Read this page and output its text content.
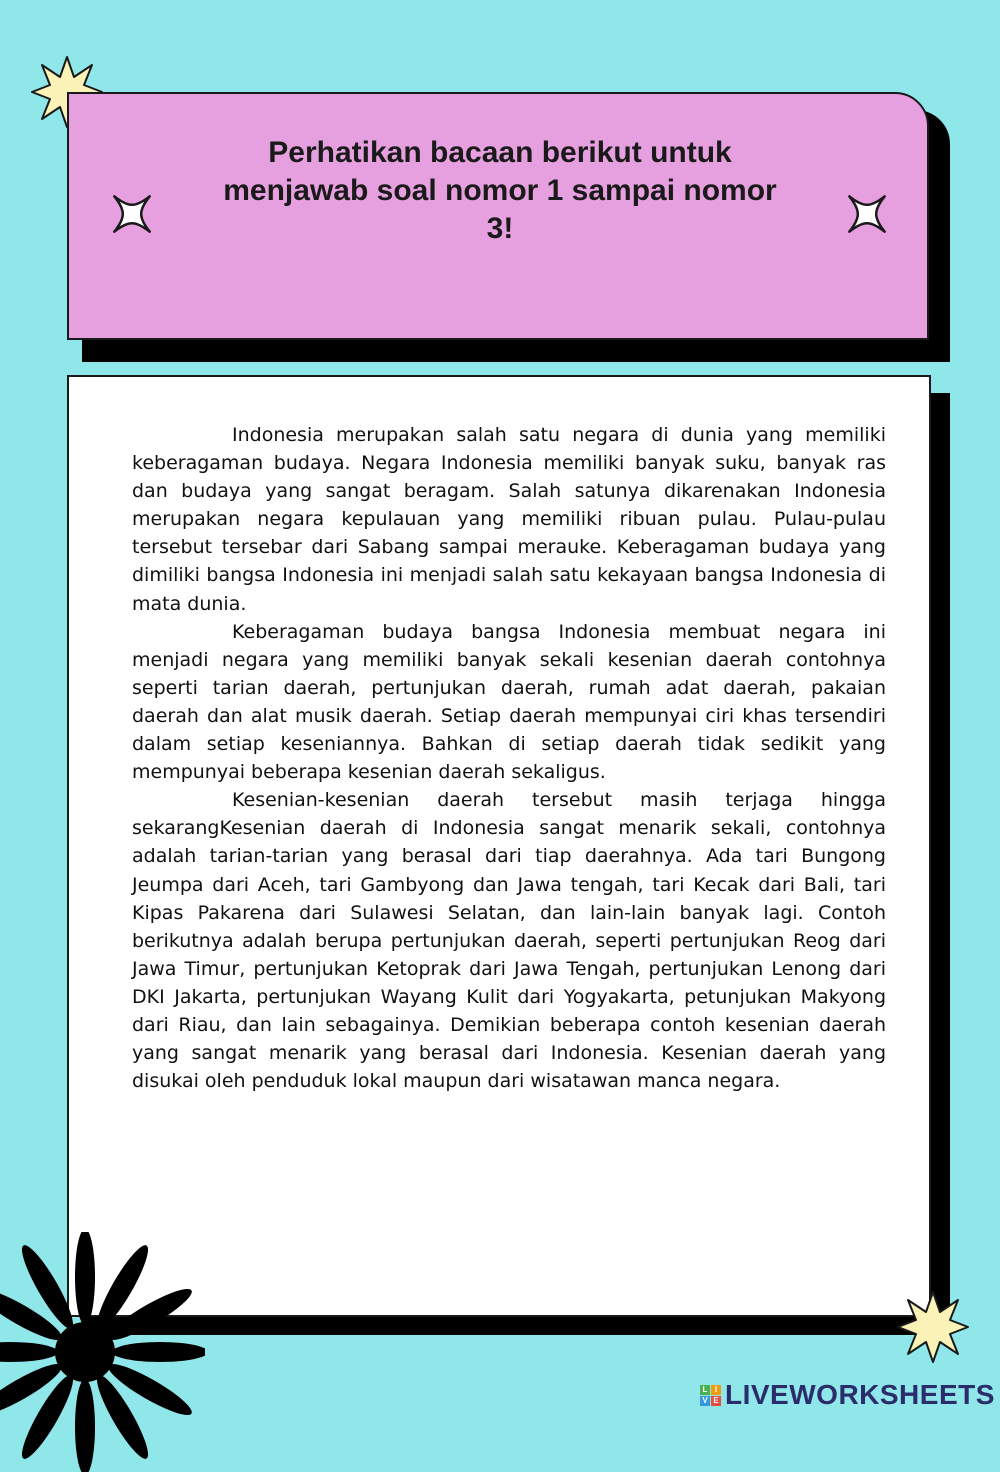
Perhatikan bacaan berikut untuk
menjawab soal nomor 1 sampai nomor
3!

Indonesia merupakan salah satu negara di dunia yang memiliki keberagaman budaya. Negara Indonesia memiliki banyak suku, banyak ras dan budaya yang sangat beragam. Salah satunya dikarenakan Indonesia merupakan negara kepulauan yang memiliki ribuan pulau. Pulau-pulau tersebut tersebar dari Sabang sampai merauke. Keberagaman budaya yang dimiliki bangsa Indonesia ini menjadi salah satu kekayaan bangsa Indonesia di mata dunia.

Keberagaman budaya bangsa Indonesia membuat negara ini menjadi negara yang memiliki banyak sekali kesenian daerah contohnya seperti tarian daerah, pertunjukan daerah, rumah adat daerah, pakaian daerah dan alat musik daerah. Setiap daerah mempunyai ciri khas tersendiri dalam setiap keseniannya. Bahkan di setiap daerah tidak sedikit yang mempunyai beberapa kesenian daerah sekaligus.

Kesenian-kesenian daerah tersebut masih terjaga hingga sekarangKesenian daerah di Indonesia sangat menarik sekali, contohnya adalah tarian-tarian yang berasal dari tiap daerahnya. Ada tari Bungong Jeumpa dari Aceh, tari Gambyong dan Jawa tengah, tari Kecak dari Bali, tari Kipas Pakarena dari Sulawesi Selatan, dan lain-lain banyak lagi. Contoh berikutnya adalah berupa pertunjukan daerah, seperti pertunjukan Reog dari Jawa Timur, pertunjukan Ketoprak dari Jawa Tengah, pertunjukan Lenong dari DKI Jakarta, pertunjukan Wayang Kulit dari Yogyakarta, petunjukan Makyong dari Riau, dan lain sebagainya. Demikian beberapa contoh kesenian daerah yang sangat menarik yang berasal dari Indonesia. Kesenian daerah yang disukai oleh penduduk lokal maupun dari wisatawan manca negara.

L I
V E LIVEWORKSHEETS
